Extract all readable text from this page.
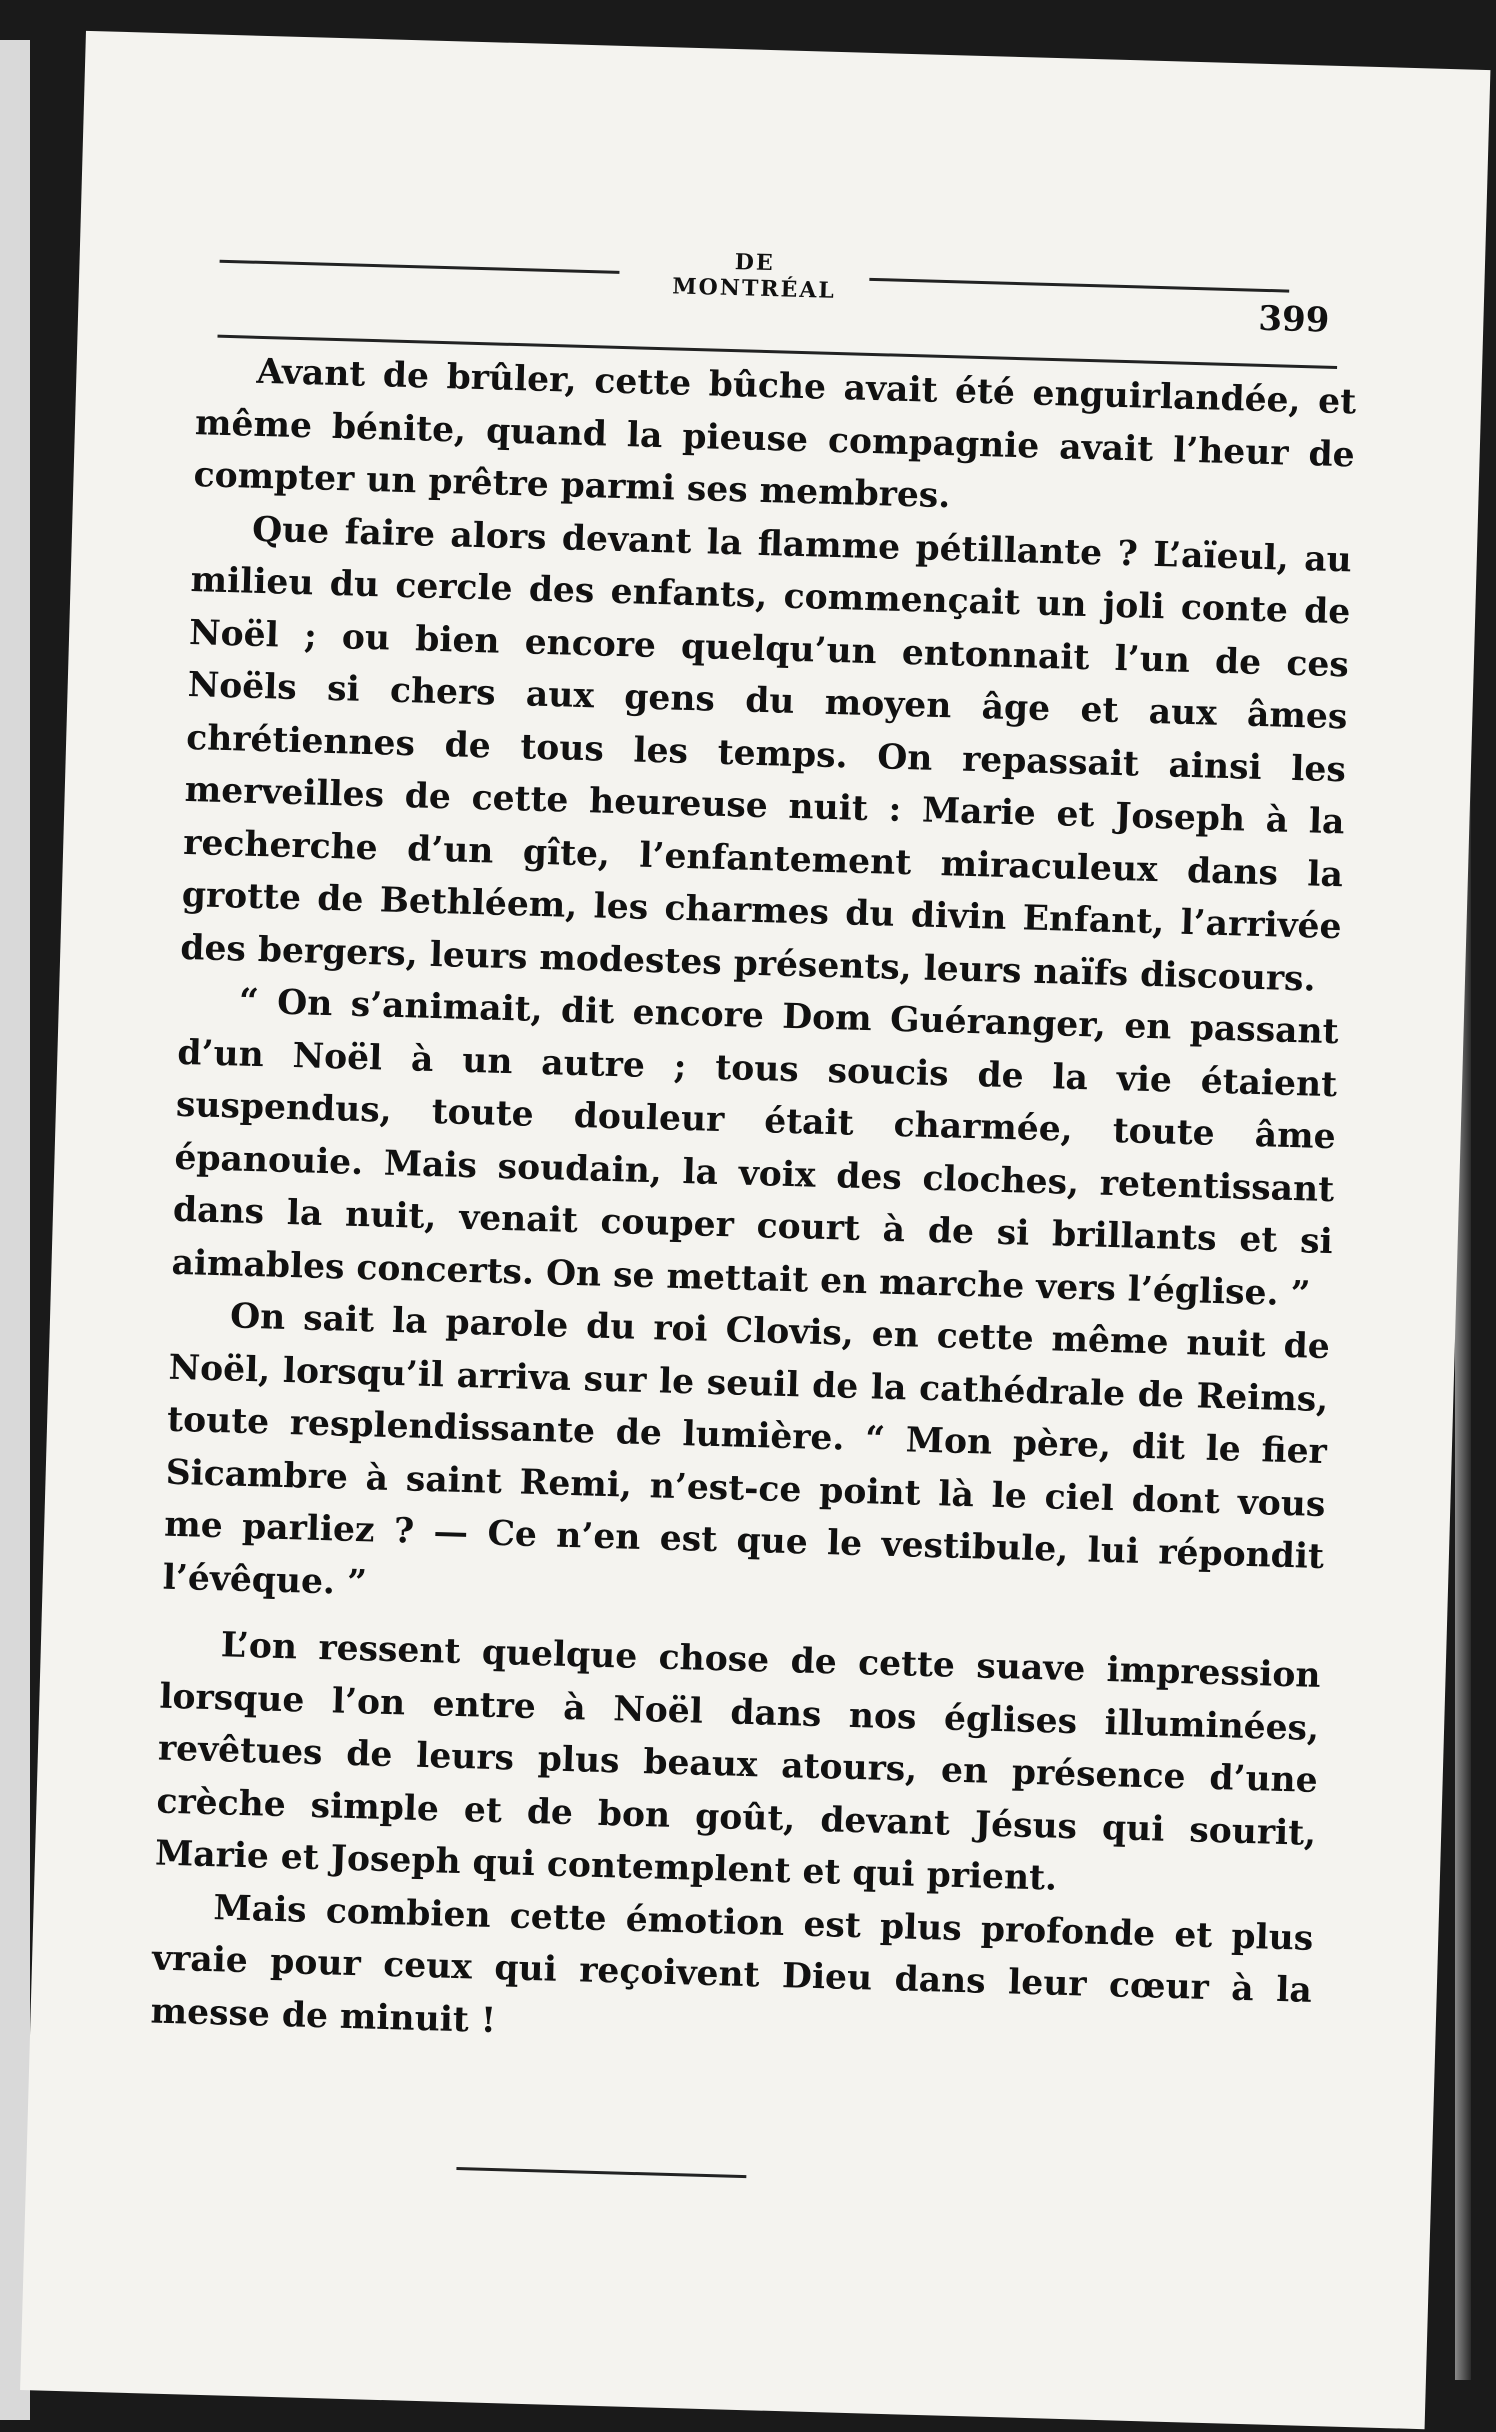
DE MONTRÉAL
399

Avant de brûler, cette bûche avait été enguirlandée, et même bénite, quand la pieuse compagnie avait l’heur de compter un prêtre parmi ses membres.

Que faire alors devant la flamme pétillante ? L’aïeul, au milieu du cercle des enfants, commençait un joli conte de Noël ; ou bien encore quelqu’un entonnait l’un de ces Noëls si chers aux gens du moyen âge et aux âmes chrétiennes de tous les temps. On repassait ainsi les merveilles de cette heureuse nuit : Marie et Joseph à la recherche d’un gîte, l’enfantement miraculeux dans la grotte de Bethléem, les charmes du divin Enfant, l’arrivée des bergers, leurs modestes présents, leurs naïfs discours.

“ On s’animait, dit encore Dom Guéranger, en passant d’un Noël à un autre ; tous soucis de la vie étaient suspendus, toute douleur était charmée, toute âme épanouie. Mais soudain, la voix des cloches, retentissant dans la nuit, venait couper court à de si brillants et si aimables concerts. On se mettait en marche vers l’église. ”

On sait la parole du roi Clovis, en cette même nuit de Noël, lorsqu’il arriva sur le seuil de la cathédrale de Reims, toute resplendissante de lumière. “ Mon père, dit le fier Sicambre à saint Remi, n’est-ce point là le ciel dont vous me parliez ? — Ce n’en est que le vestibule, lui répondit l’évêque. ”

L’on ressent quelque chose de cette suave impression lorsque l’on entre à Noël dans nos églises illuminées, revêtues de leurs plus beaux atours, en présence d’une crèche simple et de bon goût, devant Jésus qui sourit, Marie et Joseph qui contemplent et qui prient.

Mais combien cette émotion est plus profonde et plus vraie pour ceux qui reçoivent Dieu dans leur cœur à la messe de minuit !
